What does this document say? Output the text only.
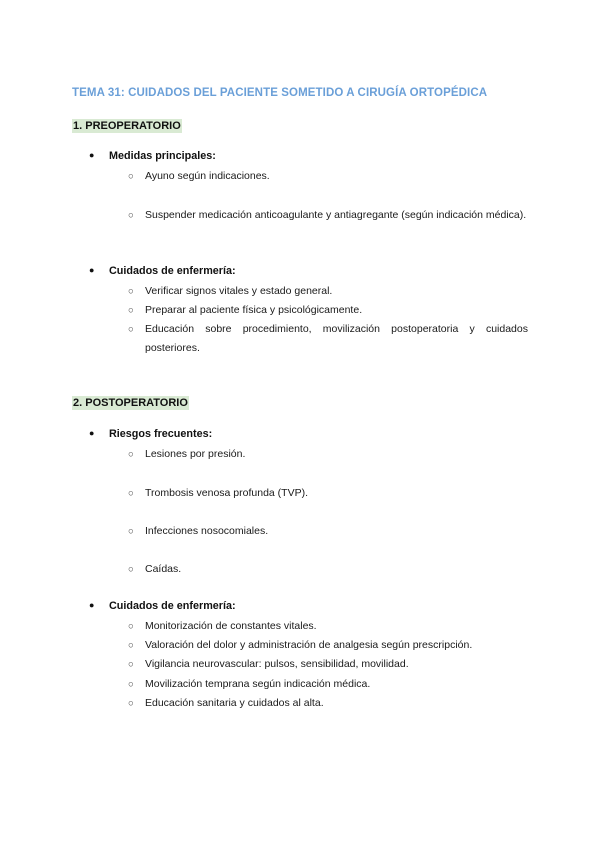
TEMA 31: CUIDADOS DEL PACIENTE SOMETIDO A CIRUGÍA ORTOPÉDICA
1. PREOPERATORIO
● Medidas principales:
○ Ayuno según indicaciones.
○ Suspender medicación anticoagulante y antiagregante (según indicación médica).
● Cuidados de enfermería:
○ Verificar signos vitales y estado general.
○ Preparar al paciente física y psicológicamente.
○ Educación sobre procedimiento, movilización postoperatoria y cuidados posteriores.
2. POSTOPERATORIO
● Riesgos frecuentes:
○ Lesiones por presión.
○ Trombosis venosa profunda (TVP).
○ Infecciones nosocomiales.
○ Caídas.
● Cuidados de enfermería:
○ Monitorización de constantes vitales.
○ Valoración del dolor y administración de analgesia según prescripción.
○ Vigilancia neurovascular: pulsos, sensibilidad, movilidad.
○ Movilización temprana según indicación médica.
○ Educación sanitaria y cuidados al alta.
